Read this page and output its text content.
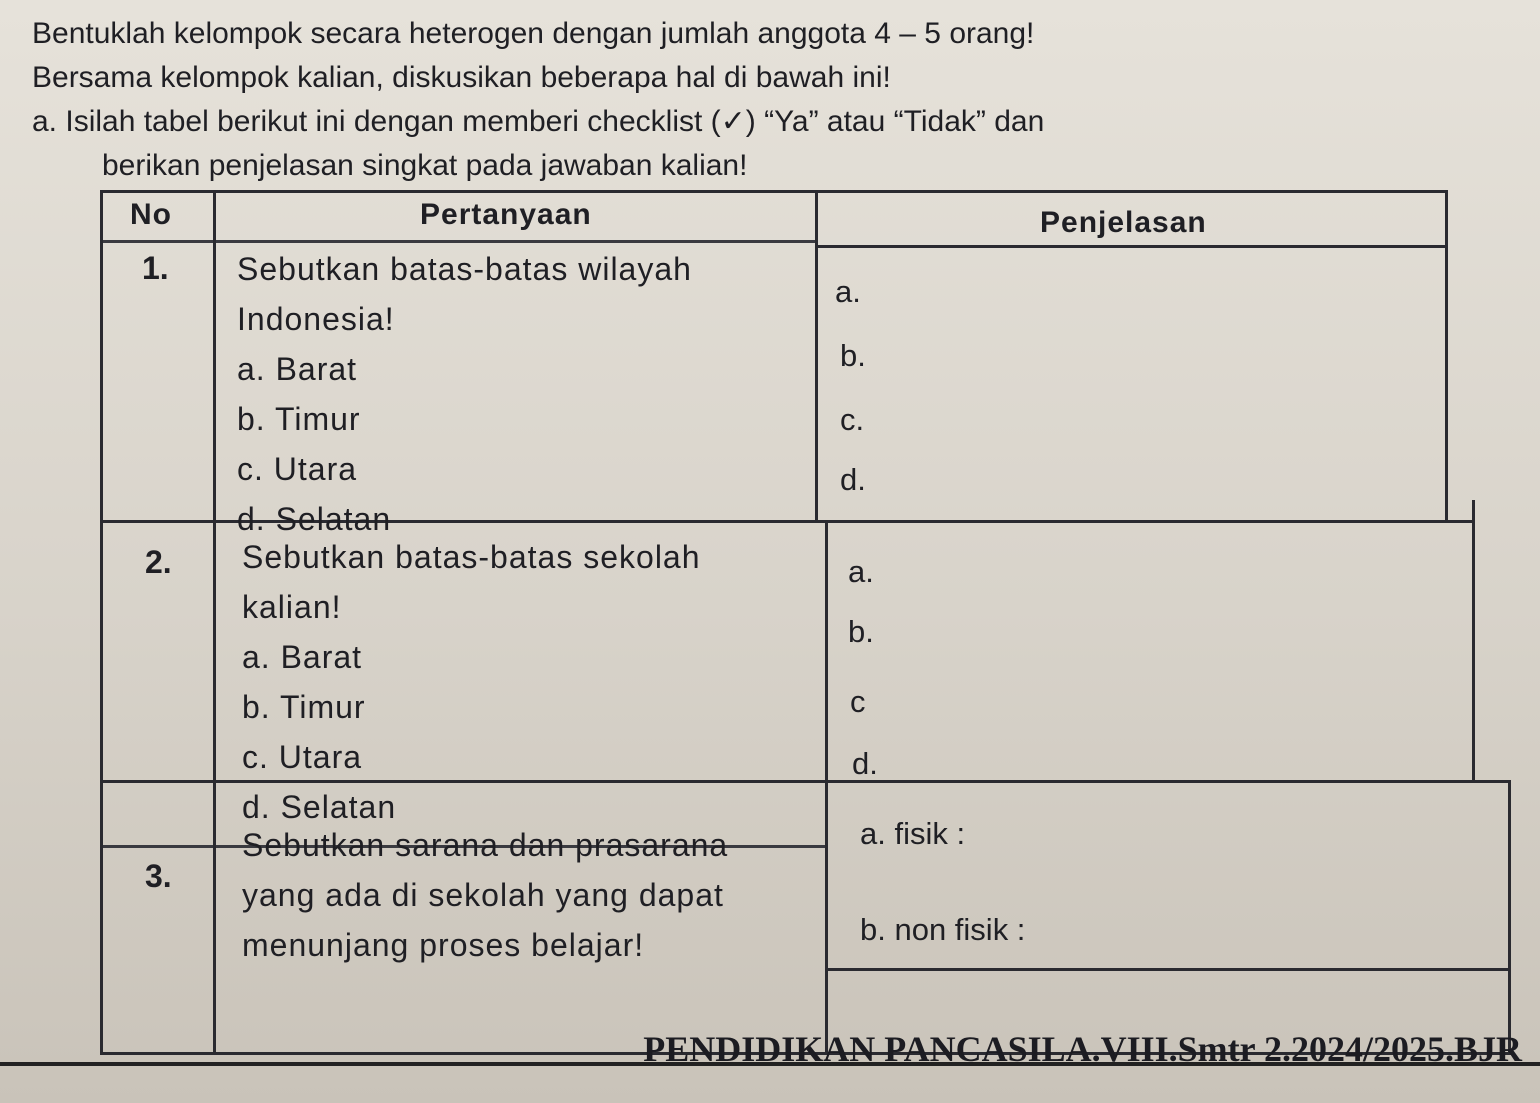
Bentuklah kelompok secara heterogen dengan jumlah anggota 4 – 5 orang!
Bersama kelompok kalian, diskusikan beberapa hal di bawah ini!
a. Isilah tabel berikut ini dengan memberi checklist (✓) “Ya” atau “Tidak” dan
berikan penjelasan singkat pada jawaban kalian!
No	Pertanyaan	Penjelasan
1. Sebutkan batas-batas wilayah
Indonesia!
a. Barat
b. Timur
c. Utara
d. Selatan
a.
b.
c.
d.
2. Sebutkan batas-batas sekolah
kalian!
a. Barat
b. Timur
c. Utara
d. Selatan
a.
b.
c
d.
3.
Sebutkan sarana dan prasarana
yang ada di sekolah yang dapat
menunjang proses belajar!
a. fisik :
b. non fisik :
PENDIDIKAN PANCASILA.VIII.Smtr 2.2024/2025.BJR
